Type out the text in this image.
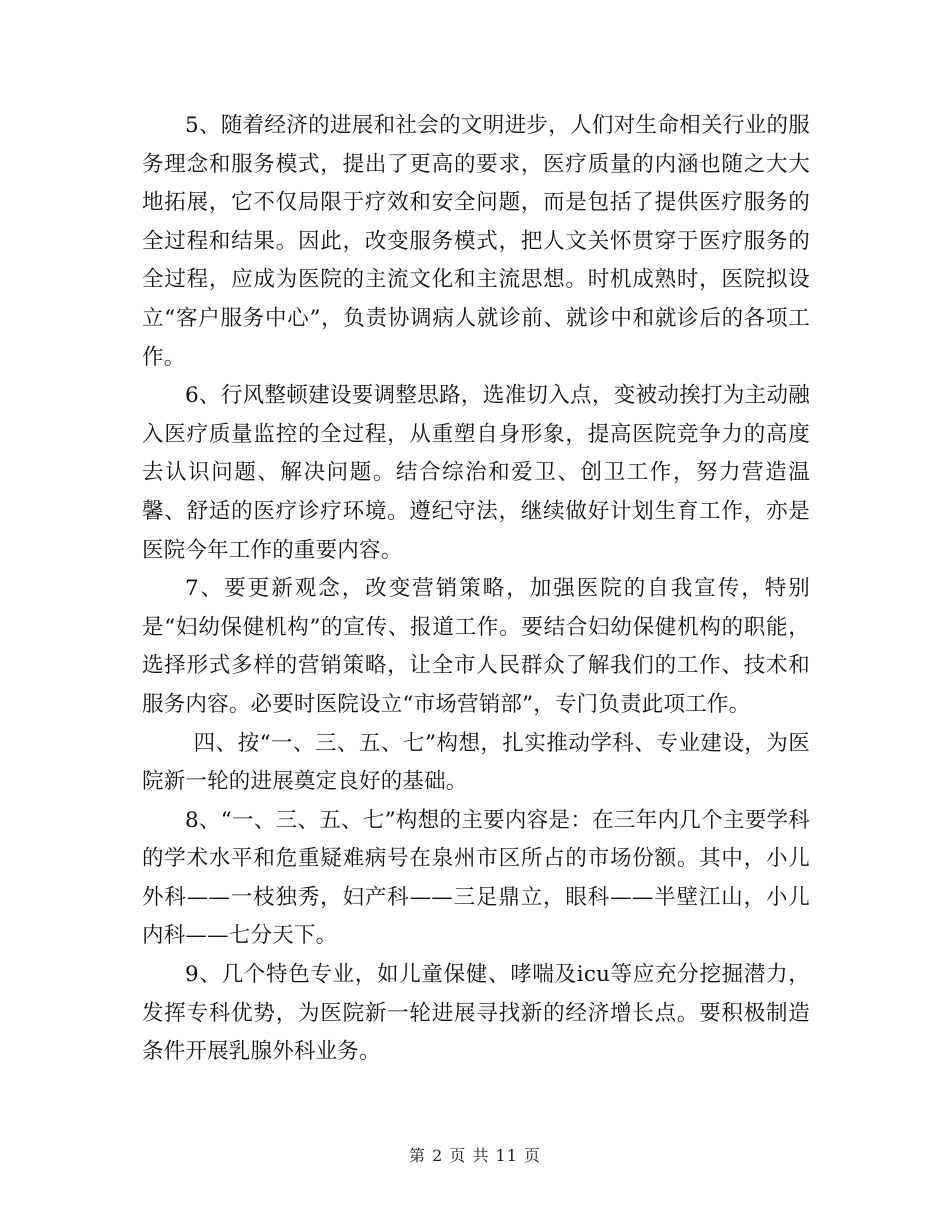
5、随着经济的进展和社会的文明进步，人们对生命相关行业的服务理念和服务模式，提出了更高的要求，医疗质量的内涵也随之大大地拓展，它不仅局限于疗效和安全问题，而是包括了提供医疗服务的全过程和结果。因此，改变服务模式，把人文关怀贯穿于医疗服务的全过程，应成为医院的主流文化和主流思想。时机成熟时，医院拟设立“客户服务中心”，负责协调病人就诊前、就诊中和就诊后的各项工作。

6、行风整顿建设要调整思路，选准切入点，变被动挨打为主动融入医疗质量监控的全过程，从重塑自身形象，提高医院竞争力的高度去认识问题、解决问题。结合综治和爱卫、创卫工作，努力营造温馨、舒适的医疗诊疗环境。遵纪守法，继续做好计划生育工作，亦是医院今年工作的重要内容。

7、要更新观念，改变营销策略，加强医院的自我宣传，特别是“妇幼保健机构”的宣传、报道工作。要结合妇幼保健机构的职能，选择形式多样的营销策略，让全市人民群众了解我们的工作、技术和服务内容。必要时医院设立“市场营销部”，专门负责此项工作。

四、按“一、三、五、七”构想，扎实推动学科、专业建设，为医院新一轮的进展奠定良好的基础。

8、“一、三、五、七”构想的主要内容是：在三年内几个主要学科的学术水平和危重疑难病号在泉州市区所占的市场份额。其中，小儿外科——一枝独秀，妇产科——三足鼎立，眼科——半壁江山，小儿内科——七分天下。

9、几个特色专业，如儿童保健、哮喘及icu等应充分挖掘潜力，发挥专科优势，为医院新一轮进展寻找新的经济增长点。要积极制造条件开展乳腺外科业务。

第 2 页 共 11 页
